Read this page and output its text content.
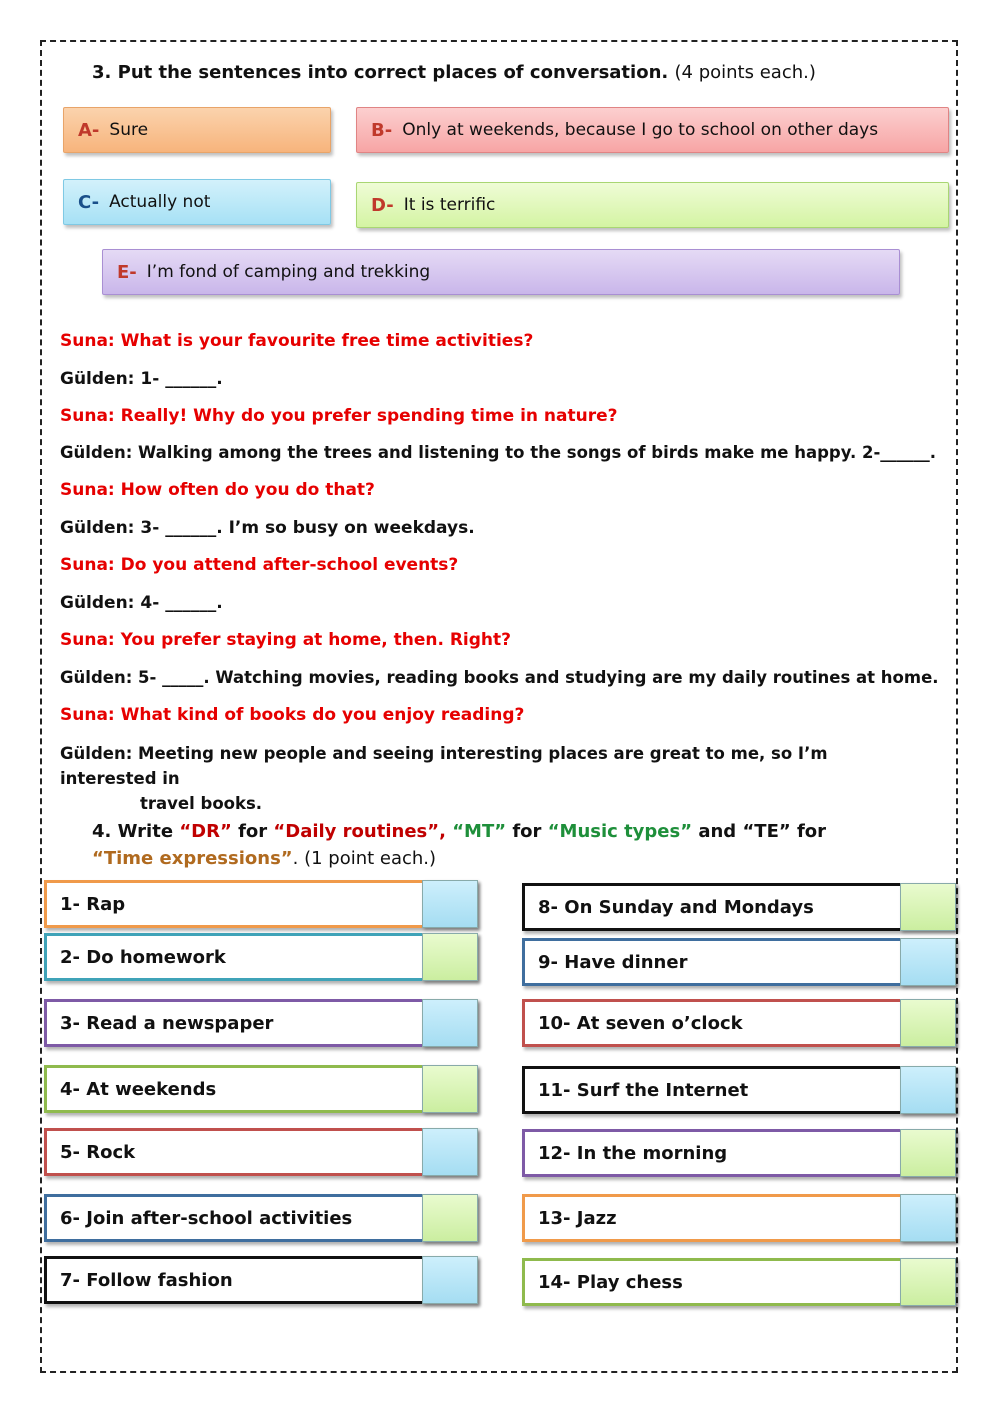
3. Put the sentences into correct places of conversation. (4 points each.)
A- Sure	B- Only at weekends, because I go to school on other days
C- Actually not	D- It is terrific
E- I’m fond of camping and trekking
Suna: What is your favourite free time activities?
Gülden: 1- ______.
Suna: Really! Why do you prefer spending time in nature?
Gülden: Walking among the trees and listening to the songs of birds make me happy. 2-______.
Suna: How often do you do that?
Gülden: 3- ______. I’m so busy on weekdays.
Suna: Do you attend after-school events?
Gülden: 4- ______.
Suna: You prefer staying at home, then. Right?
Gülden: 5- _____. Watching movies, reading books and studying are my daily routines at home.
Suna: What kind of books do you enjoy reading?
Gülden: Meeting new people and seeing interesting places are great to me, so I’m interested in
travel books.
4. Write “DR” for “Daily routines”, “MT” for “Music types” and “TE” for “Time expressions”. (1 point each.)
1- Rap
2- Do homework
3- Read a newspaper
4- At weekends
5- Rock
6- Join after-school activities
7- Follow fashion
8- On Sunday and Mondays
9- Have dinner
10- At seven o’clock
11- Surf the Internet
12- In the morning
13- Jazz
14- Play chess
